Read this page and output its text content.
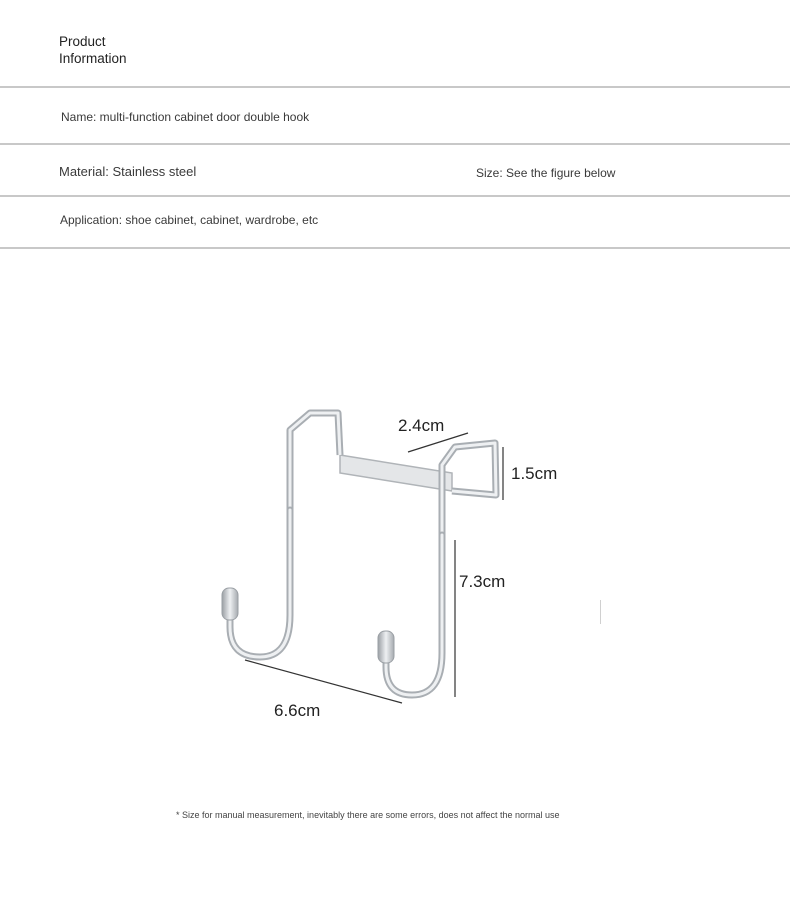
Product
Information
Name: multi-function cabinet door double hook
Material: Stainless steel	Size: See the figure below
Application: shoe cabinet, cabinet, wardrobe, etc
2.4cm
1.5cm
7.3cm
6.6cm
* Size for manual measurement, inevitably there are some errors, does not affect the normal use
